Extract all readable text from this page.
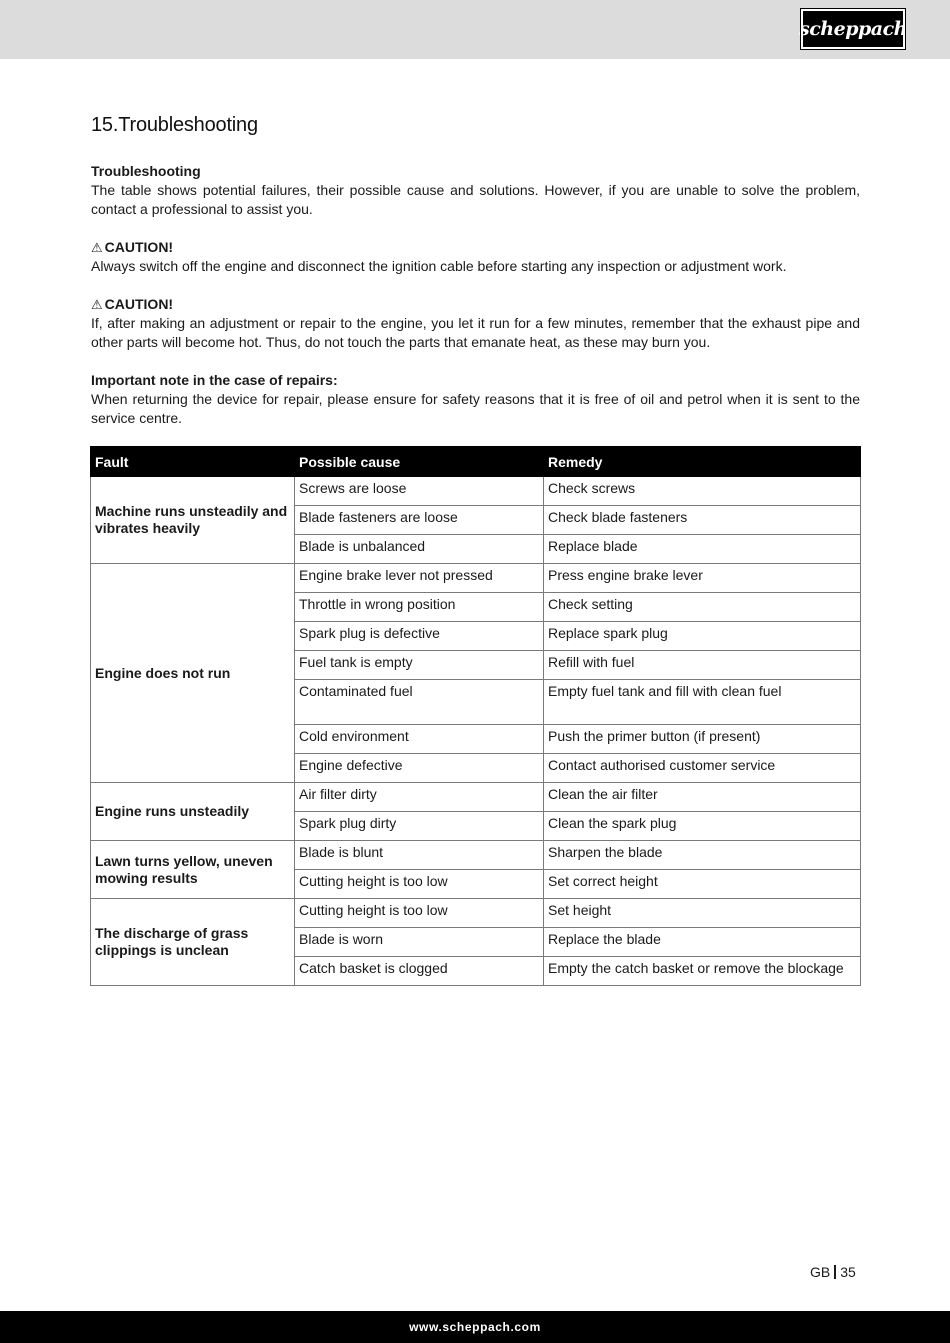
scheppach
15.Troubleshooting
Troubleshooting
The table shows potential failures, their possible cause and solutions. However, if you are unable to solve the problem, contact a professional to assist you.
⚠ CAUTION!
Always switch off the engine and disconnect the ignition cable before starting any inspection or adjustment work.
⚠ CAUTION!
If, after making an adjustment or repair to the engine, you let it run for a few minutes, remember that the exhaust pipe and other parts will become hot. Thus, do not touch the parts that emanate heat, as these may burn you.
Important note in the case of repairs:
When returning the device for repair, please ensure for safety reasons that it is free of oil and petrol when it is sent to the service centre.
Fault	Possible cause	Remedy
Machine runs unsteadily and vibrates heavily	Screws are loose	Check screws
	Blade fasteners are loose	Check blade fasteners
	Blade is unbalanced	Replace blade
Engine does not run	Engine brake lever not pressed	Press engine brake lever
	Throttle in wrong position	Check setting
	Spark plug is defective	Replace spark plug
	Fuel tank is empty	Refill with fuel
	Contaminated fuel	Empty fuel tank and fill with clean fuel
	Cold environment	Push the primer button (if present)
	Engine defective	Contact authorised customer service
Engine runs unsteadily	Air filter dirty	Clean the air filter
	Spark plug dirty	Clean the spark plug
Lawn turns yellow, uneven mowing results	Blade is blunt	Sharpen the blade
	Cutting height is too low	Set correct height
The discharge of grass clippings is unclean	Cutting height is too low	Set height
	Blade is worn	Replace the blade
	Catch basket is clogged	Empty the catch basket or remove the blockage
GB 35
www.scheppach.com
